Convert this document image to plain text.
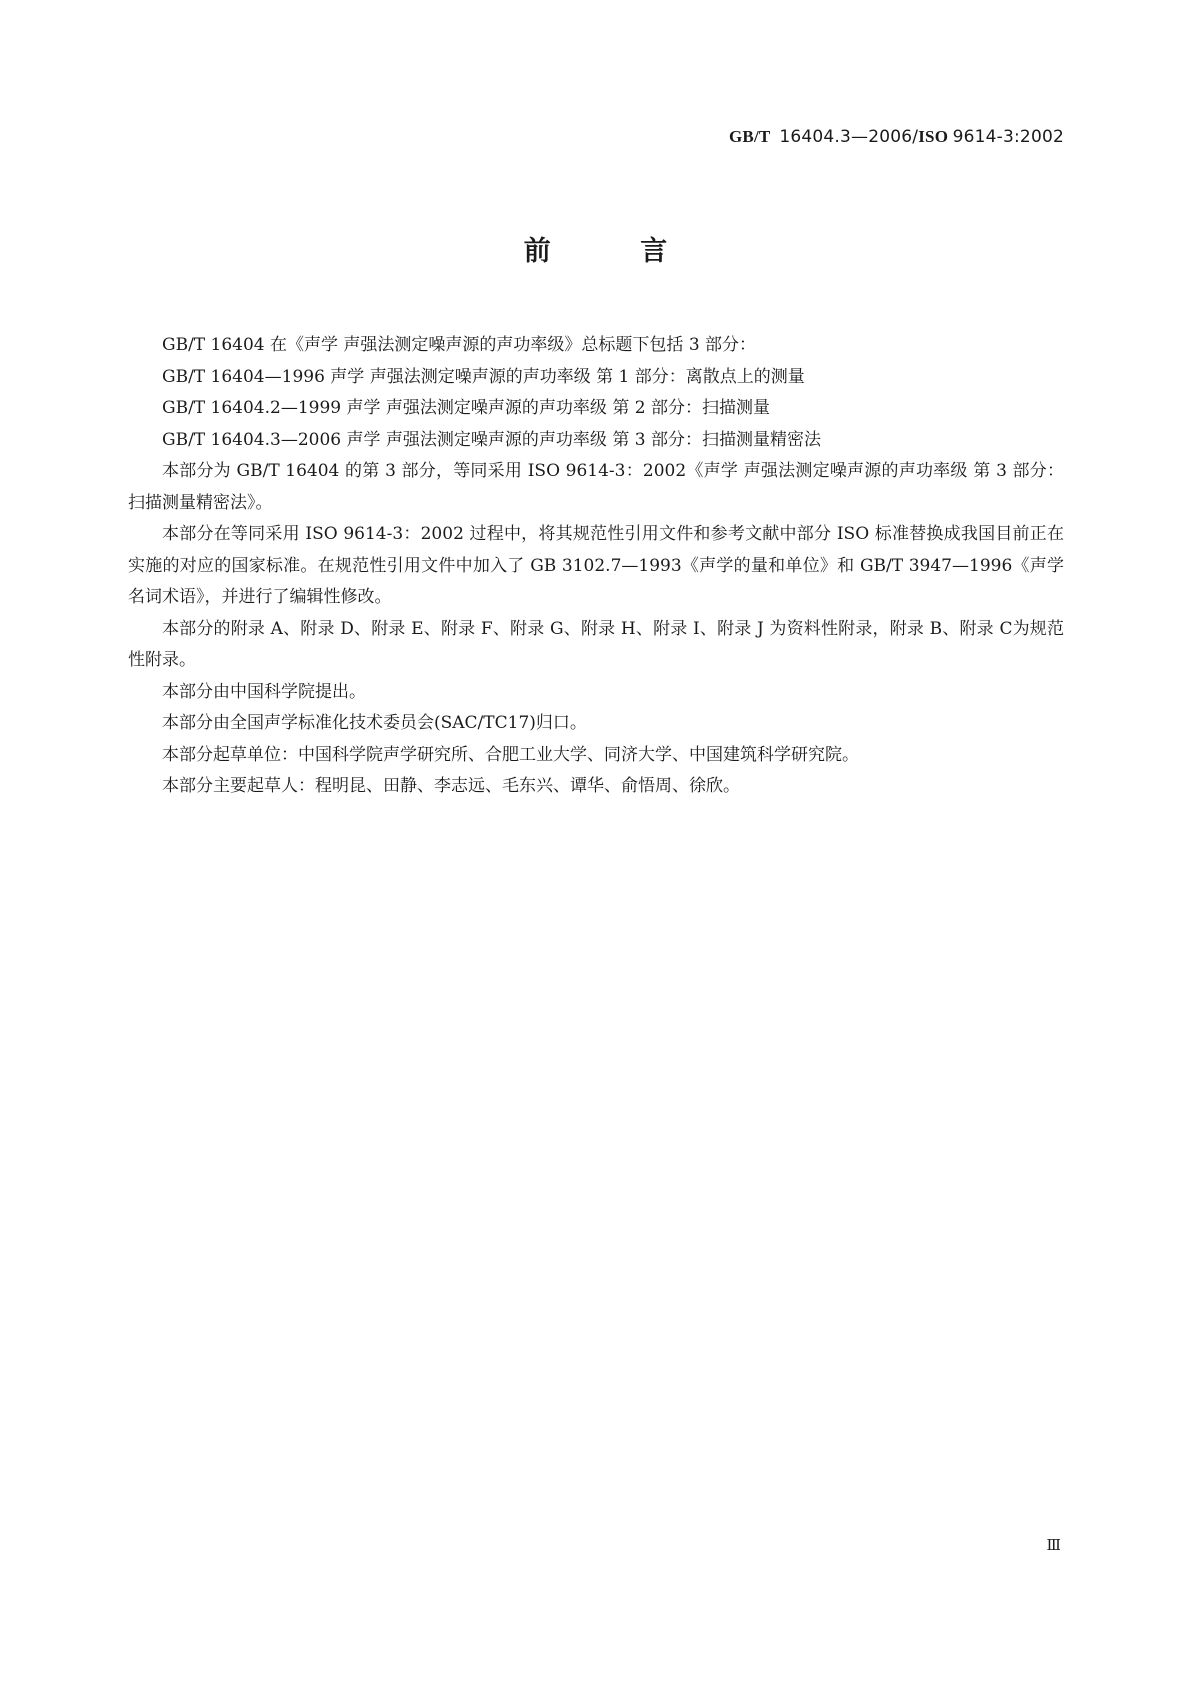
GB/T 16404.3—2006/ISO 9614-3:2002
前 言

GB/T 16404 在《声学 声强法测定噪声源的声功率级》总标题下包括 3 部分：

GB/T 16404—1996 声学 声强法测定噪声源的声功率级 第 1 部分：离散点上的测量

GB/T 16404.2—1999 声学 声强法测定噪声源的声功率级 第 2 部分：扫描测量

GB/T 16404.3—2006 声学 声强法测定噪声源的声功率级 第 3 部分：扫描测量精密法

本部分为 GB/T 16404 的第 3 部分，等同采用 ISO 9614-3：2002《声学 声强法测定噪声源的声功率级 第 3 部分：扫描测量精密法》。

本部分在等同采用 ISO 9614-3：2002 过程中，将其规范性引用文件和参考文献中部分 ISO 标准替换成我国目前正在实施的对应的国家标准。在规范性引用文件中加入了 GB 3102.7—1993《声学的量和单位》和 GB/T 3947—1996《声学名词术语》，并进行了编辑性修改。

本部分的附录 A、附录 D、附录 E、附录 F、附录 G、附录 H、附录 I、附录 J 为资料性附录，附录 B、附录 C为规范性附录。

本部分由中国科学院提出。

本部分由全国声学标准化技术委员会(SAC/TC17)归口。

本部分起草单位：中国科学院声学研究所、合肥工业大学、同济大学、中国建筑科学研究院。

本部分主要起草人：程明昆、田静、李志远、毛东兴、谭华、俞悟周、徐欣。

Ⅲ
